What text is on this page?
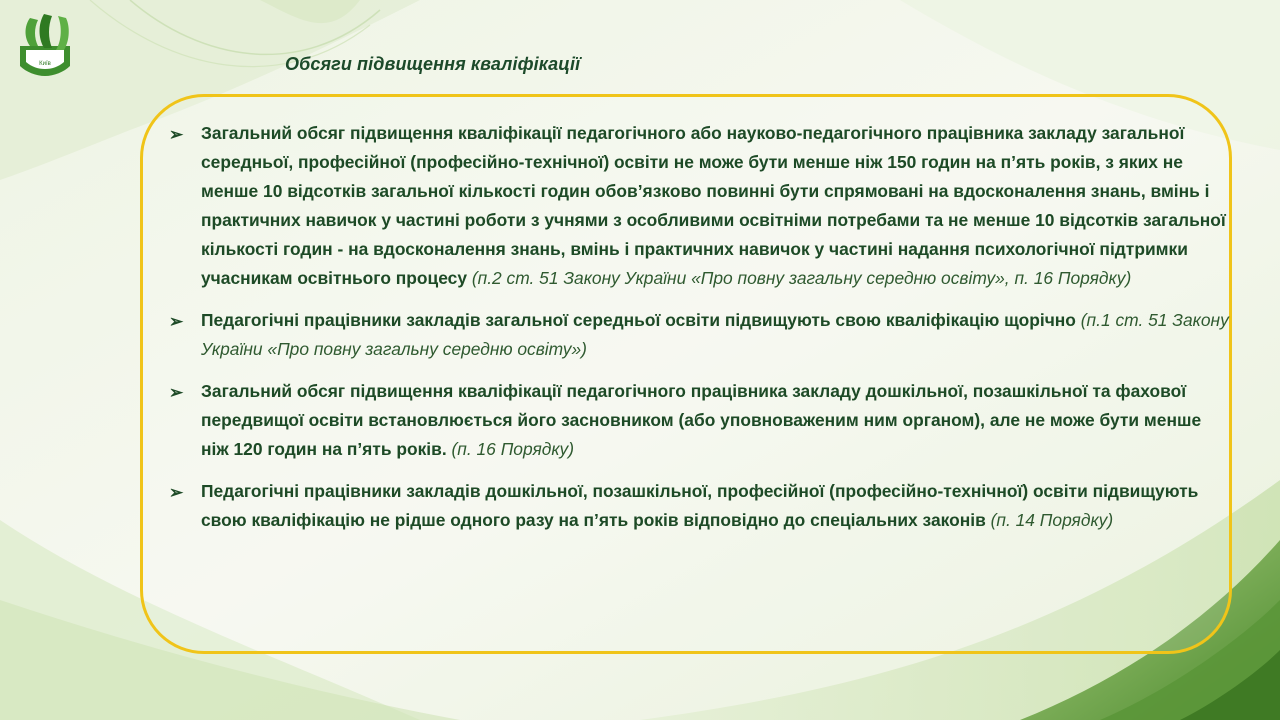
Київ	Обсяги підвищення кваліфікації
➢ Загальний обсяг підвищення кваліфікації педагогічного або науково-педагогічного працівника закладу загальної середньої, професійної (професійно-технічної) освіти не може бути менше ніж 150 годин на п’ять років, з яких не менше 10 відсотків загальної кількості годин обов’язково повинні бути спрямовані на вдосконалення знань, вмінь і практичних навичок у частині роботи з учнями з особливими освітніми потребами та не менше 10 відсотків загальної кількості годин - на вдосконалення знань, вмінь і практичних навичок у частині надання психологічної підтримки учасникам освітнього процесу (п.2 ст. 51 Закону України «Про повну загальну середню освіту», п. 16 Порядку)
➢ Педагогічні працівники закладів загальної середньої освіти підвищують свою кваліфікацію щорічно (п.1 ст. 51 Закону України «Про повну загальну середню освіту»)
➢ Загальний обсяг підвищення кваліфікації педагогічного працівника закладу дошкільної, позашкільної та фахової передвищої освіти встановлюється його засновником (або уповноваженим ним органом), але не може бути менше ніж 120 годин на п’ять років. (п. 16 Порядку)
➢ Педагогічні працівники закладів дошкільної, позашкільної, професійної (професійно-технічної) освіти підвищують свою кваліфікацію не рідше одного разу на п’ять років відповідно до спеціальних законів (п. 14 Порядку)
